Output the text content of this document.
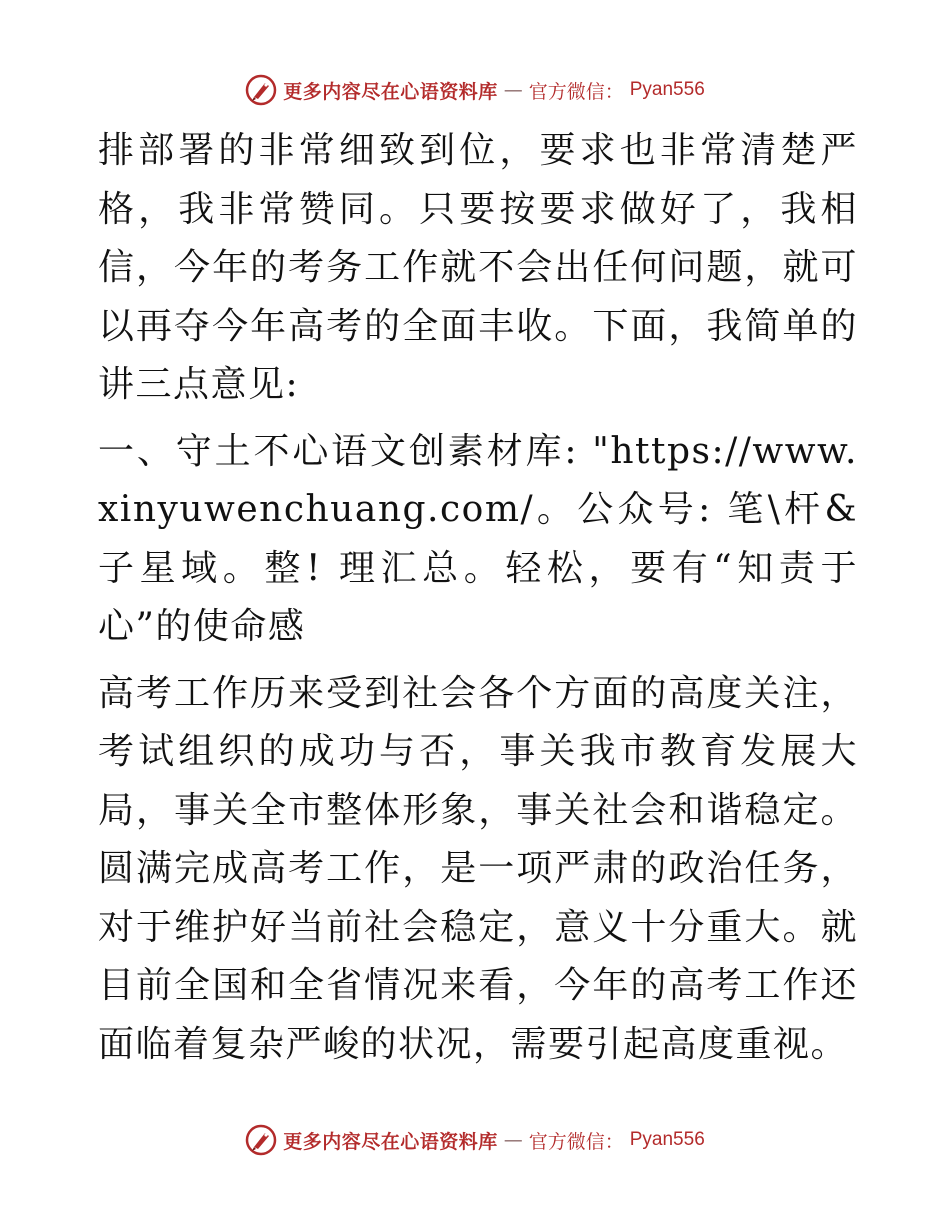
更多内容尽在心语资料库 — 官方微信： Pyan556

排部署的非常细致到位，要求也非常清楚严格，我非常赞同。只要按要求做好了，我相信，今年的考务工作就不会出任何问题，就可以再夺今年高考的全面丰收。下面，我简单的讲三点意见:

一、守土不心语文创素材库: "https://www.xinyuwenchuang.com/。公众号: 笔\杆&子星域。整! 理汇总。轻松，要有“知责于心”的使命感

高考工作历来受到社会各个方面的高度关注，考试组织的成功与否，事关我市教育发展大局，事关全市整体形象，事关社会和谐稳定。圆满完成高考工作，是一项严肃的政治任务，对于维护好当前社会稳定，意义十分重大。就目前全国和全省情况来看，今年的高考工作还面临着复杂严峻的状况，需要引起高度重视。

更多内容尽在心语资料库 — 官方微信： Pyan556
